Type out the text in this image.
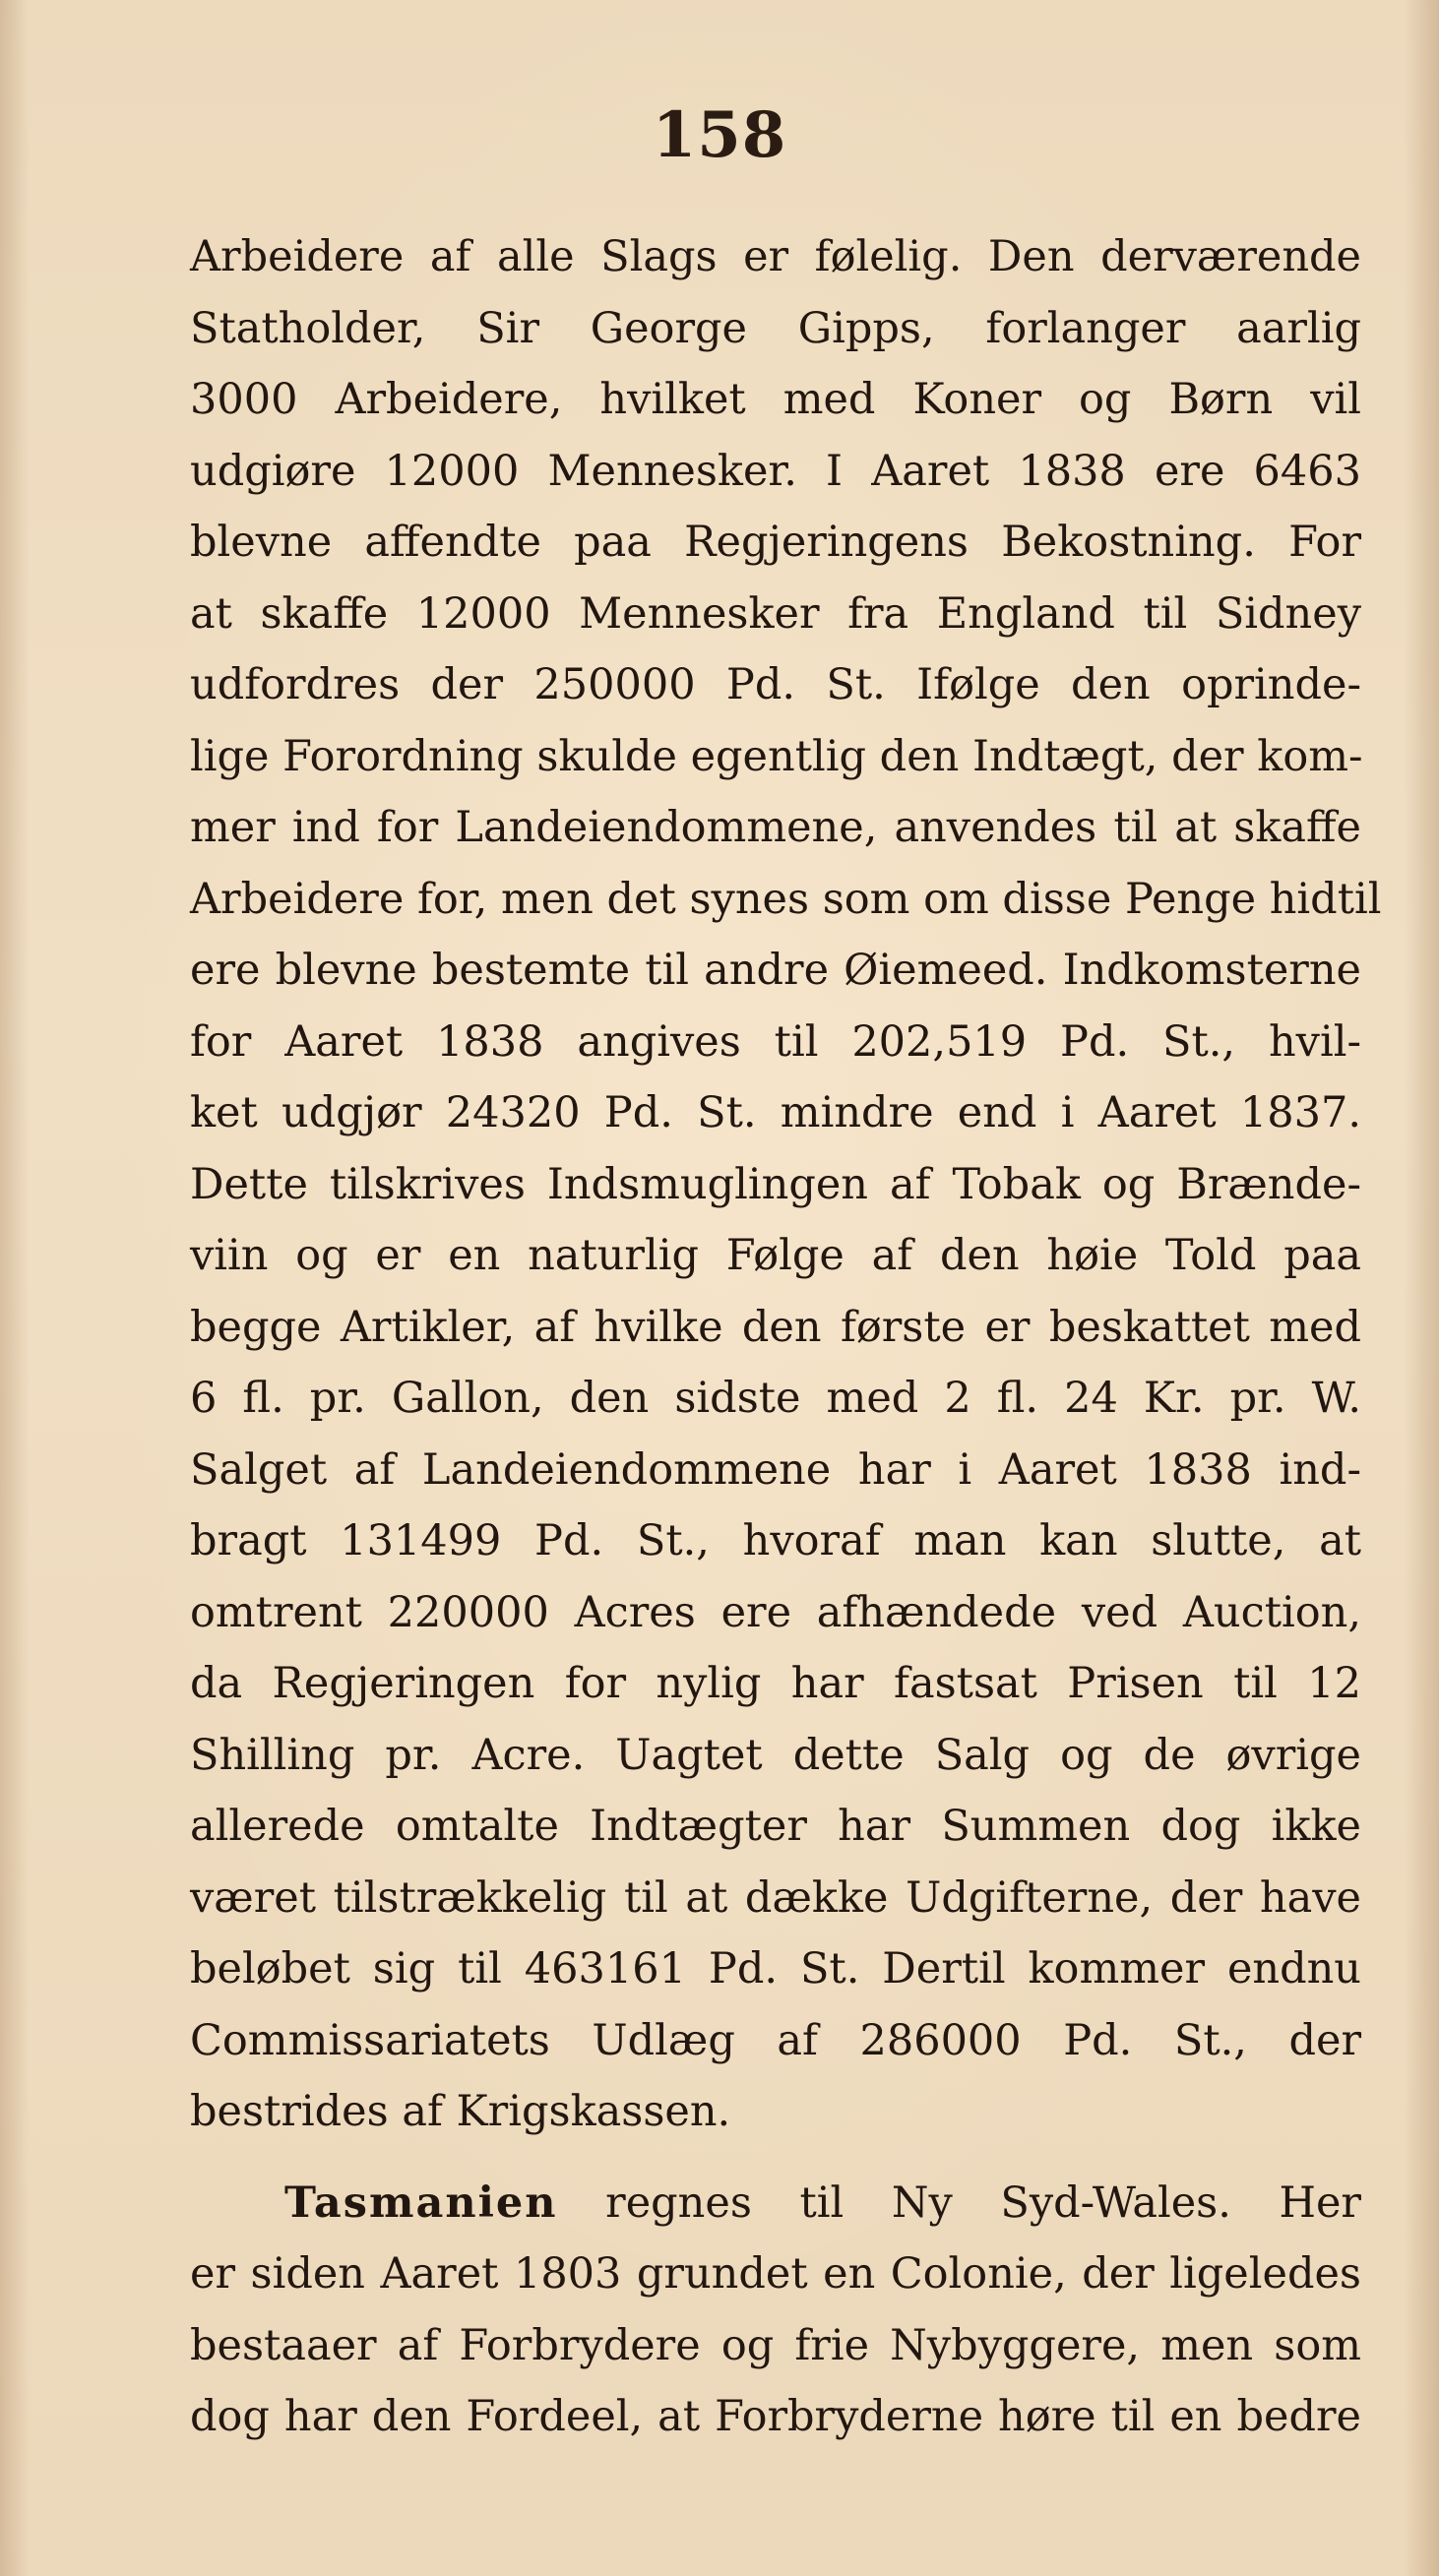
158
Arbeidere af alle Slags er følelig. Den derværende
Statholder, Sir George Gipps, forlanger aarlig
3000 Arbeidere, hvilket med Koner og Børn vil
udgiøre 12000 Mennesker. I Aaret 1838 ere 6463
blevne affendte paa Regjeringens Bekostning. For
at skaffe 12000 Mennesker fra England til Sidney
udfordres der 250000 Pd. St. Ifølge den oprinde-
lige Forordning skulde egentlig den Indtægt, der kom-
mer ind for Landeiendommene, anvendes til at skaffe
Arbeidere for, men det synes som om disse Penge hidtil
ere blevne bestemte til andre Øiemeed. Indkomsterne
for Aaret 1838 angives til 202,519 Pd. St., hvil-
ket udgjør 24320 Pd. St. mindre end i Aaret 1837.
Dette tilskrives Indsmuglingen af Tobak og Brænde-
viin og er en naturlig Følge af den høie Told paa
begge Artikler, af hvilke den første er beskattet med
6 fl. pr. Gallon, den sidste med 2 fl. 24 Kr. pr. W.
Salget af Landeiendommene har i Aaret 1838 ind-
bragt 131499 Pd. St., hvoraf man kan slutte, at
omtrent 220000 Acres ere afhændede ved Auction,
da Regjeringen for nylig har fastsat Prisen til 12
Shilling pr. Acre. Uagtet dette Salg og de øvrige
allerede omtalte Indtægter har Summen dog ikke
været tilstrækkelig til at dække Udgifterne, der have
beløbet sig til 463161 Pd. St. Dertil kommer endnu
Commissariatets Udlæg af 286000 Pd. St., der
bestrides af Krigskassen.
Tasmanien regnes til Ny Syd-Wales. Her
er siden Aaret 1803 grundet en Colonie, der ligeledes
bestaaer af Forbrydere og frie Nybyggere, men som
dog har den Fordeel, at Forbryderne høre til en bedre
